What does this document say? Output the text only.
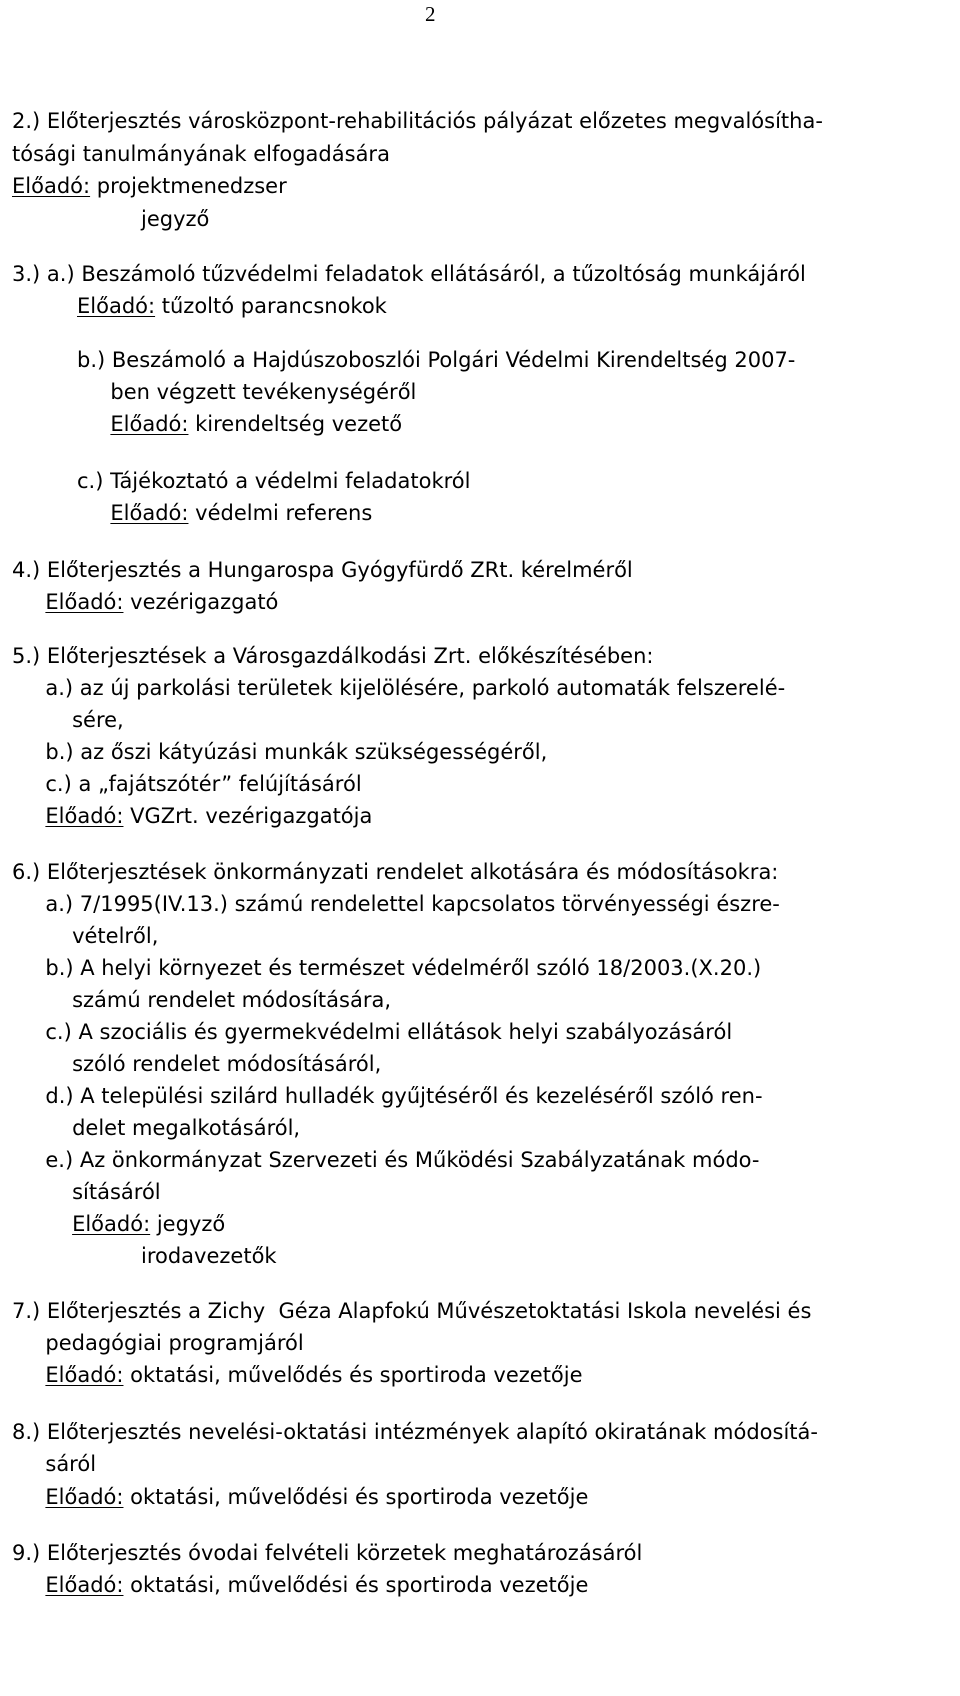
2
2.) Előterjesztés városközpont-rehabilitációs pályázat előzetes megvalósítha-
tósági tanulmányának elfogadására
Előadó: projektmenedzser
jegyző
3.) a.) Beszámoló tűzvédelmi feladatok ellátásáról, a tűzoltóság munkájáról
Előadó: tűzoltó parancsnokok
b.) Beszámoló a Hajdúszoboszlói Polgári Védelmi Kirendeltség 2007-
ben végzett tevékenységéről
Előadó: kirendeltség vezető
c.) Tájékoztató a védelmi feladatokról
Előadó: védelmi referens
4.) Előterjesztés a Hungarospa Gyógyfürdő ZRt. kérelméről
Előadó: vezérigazgató
5.) Előterjesztések a Városgazdálkodási Zrt. előkészítésében:
a.) az új parkolási területek kijelölésére, parkoló automaták felszerelé-
sére,
b.) az őszi kátyúzási munkák szükségességéről,
c.) a „fajátszótér” felújításáról
Előadó: VGZrt. vezérigazgatója
6.) Előterjesztések önkormányzati rendelet alkotására és módosításokra:
a.) 7/1995(IV.13.) számú rendelettel kapcsolatos törvényességi észre-
vételről,
b.) A helyi környezet és természet védelméről szóló 18/2003.(X.20.)
számú rendelet módosítására,
c.) A szociális és gyermekvédelmi ellátások helyi szabályozásáról
szóló rendelet módosításáról,
d.) A települési szilárd hulladék gyűjtéséről és kezeléséről szóló ren-
delet megalkotásáról,
e.) Az önkormányzat Szervezeti és Működési Szabályzatának módo-
sításáról
Előadó: jegyző
irodavezetők
7.) Előterjesztés a Zichy  Géza Alapfokú Művészetoktatási Iskola nevelési és
pedagógiai programjáról
Előadó: oktatási, művelődés és sportiroda vezetője
8.) Előterjesztés nevelési-oktatási intézmények alapító okiratának módosítá-
sáról
Előadó: oktatási, művelődési és sportiroda vezetője
9.) Előterjesztés óvodai felvételi körzetek meghatározásáról
Előadó: oktatási, művelődési és sportiroda vezetője
